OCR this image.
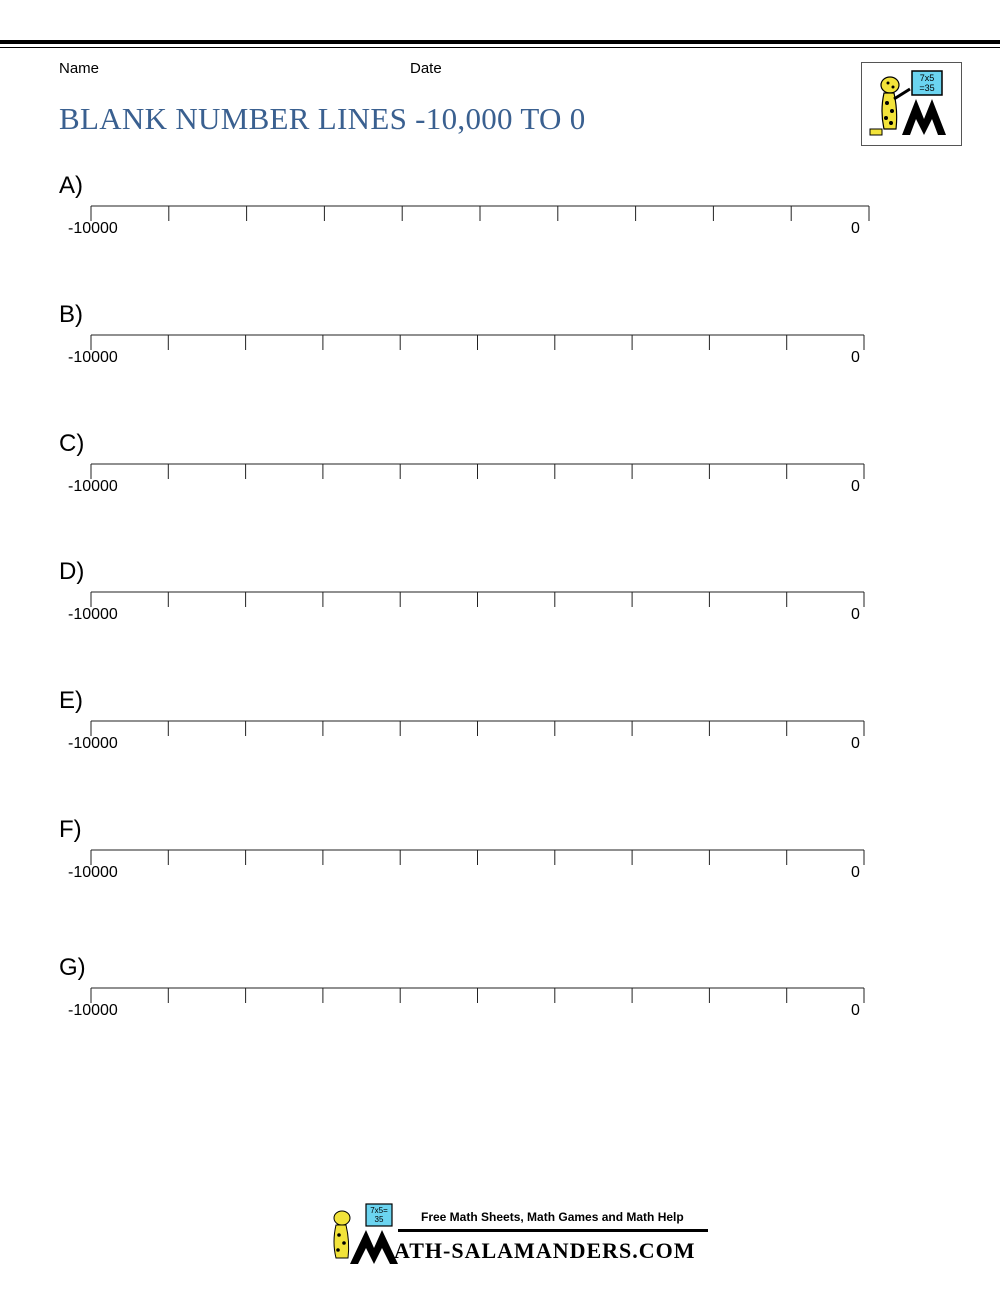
Name	Date
BLANK NUMBER LINES -10,000 TO 0
7x5
=35
A)
-10000	0
B)
-10000	0
C)
-10000	0
D)
-10000	0
E)
-10000	0
F)
-10000	0
G)
-10000	0
7x5=
35	Free Math Sheets, Math Games and Math Help
ATH-SALAMANDERS.COM
